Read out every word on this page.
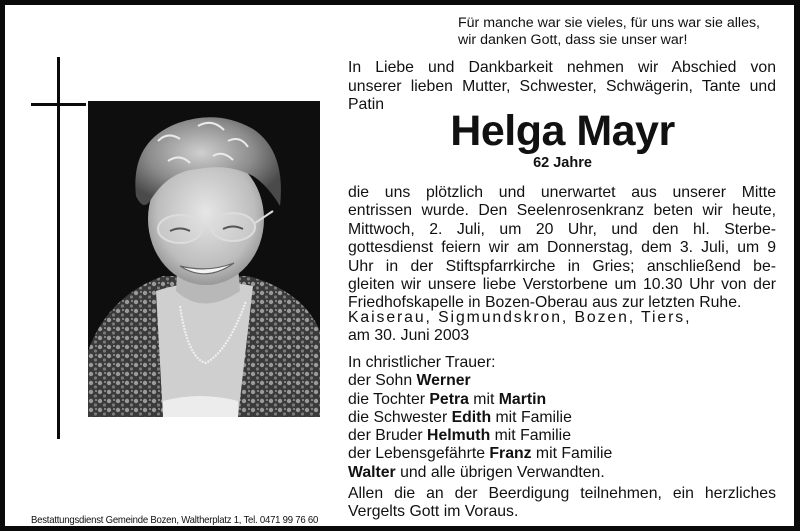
Für manche war sie vieles, für uns war sie alles,
wir danken Gott, dass sie unser war!
In Liebe und Dankbarkeit nehmen wir Abschied von
unserer lieben Mutter, Schwester, Schwägerin, Tante und
Patin
Helga Mayr
62 Jahre

die uns plötzlich und unerwartet aus unserer Mitte

entrissen wurde. Den Seelenrosenkranz beten wir heute,

Mittwoch, 2. Juli, um 20 Uhr, und den hl. Sterbe-

gottesdienst feiern wir am Donnerstag, dem 3. Juli, um 9

Uhr in der Stiftspfarrkirche in Gries; anschließend be-

gleiten wir unsere liebe Verstorbene um 10.30 Uhr von der

Friedhofskapelle in Bozen-Oberau aus zur letzten Ruhe.

Kaiserau, Sigmundskron, Bozen, Tiers,
am 30. Juni 2003
In christlicher Trauer:
der Sohn Werner
die Tochter Petra mit Martin
die Schwester Edith mit Familie
der Bruder Helmuth mit Familie
der Lebensgefährte Franz mit Familie
Walter und alle übrigen Verwandten.

Allen die an der Beerdigung teilnehmen, ein herzliches

Vergelts Gott im Voraus.

Bestattungsdienst Gemeinde Bozen, Waltherplatz 1, Tel. 0471 99 76 60
